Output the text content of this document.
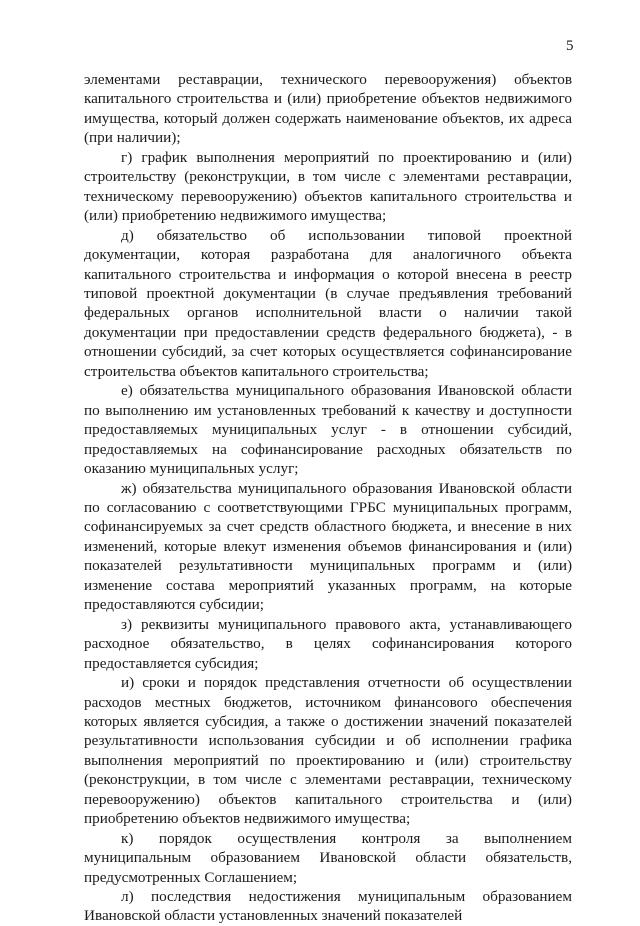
5

элементами реставрации, технического перевооружения) объектов капитального строительства и (или) приобретение объектов недвижимого имущества, который должен содержать наименование объектов, их адреса (при наличии);

г) график выполнения мероприятий по проектированию и (или) строительству (реконструкции, в том числе с элементами реставрации, техническому перевооружению) объектов капитального строительства и (или) приобретению недвижимого имущества;

д) обязательство об использовании типовой проектной документации, которая разработана для аналогичного объекта капитального строительства и информация о которой внесена в реестр типовой проектной документации (в случае предъявления требований федеральных органов исполнительной власти о наличии такой документации при предоставлении средств федерального бюджета), - в отношении субсидий, за счет которых осуществляется софинансирование строительства объектов капитального строительства;

е) обязательства муниципального образования Ивановской области по выполнению им установленных требований к качеству и доступности предоставляемых муниципальных услуг - в отношении субсидий, предоставляемых на софинансирование расходных обязательств по оказанию муниципальных услуг;

ж) обязательства муниципального образования Ивановской области по согласованию с соответствующими ГРБС муниципальных программ, софинансируемых за счет средств областного бюджета, и внесение в них изменений, которые влекут изменения объемов финансирования и (или) показателей результативности муниципальных программ и (или) изменение состава мероприятий указанных программ, на которые предоставляются субсидии;

з) реквизиты муниципального правового акта, устанавливающего расходное обязательство, в целях софинансирования которого предоставляется субсидия;

и) сроки и порядок представления отчетности об осуществлении расходов местных бюджетов, источником финансового обеспечения которых является субсидия, а также о достижении значений показателей результативности использования субсидии и об исполнении графика выполнения мероприятий по проектированию и (или) строительству (реконструкции, в том числе с элементами реставрации, техническому перевооружению) объектов капитального строительства и (или) приобретению объектов недвижимого имущества;

к) порядок осуществления контроля за выполнением муниципальным образованием Ивановской области обязательств, предусмотренных Соглашением;

л) последствия недостижения муниципальным образованием Ивановской области установленных значений показателей
